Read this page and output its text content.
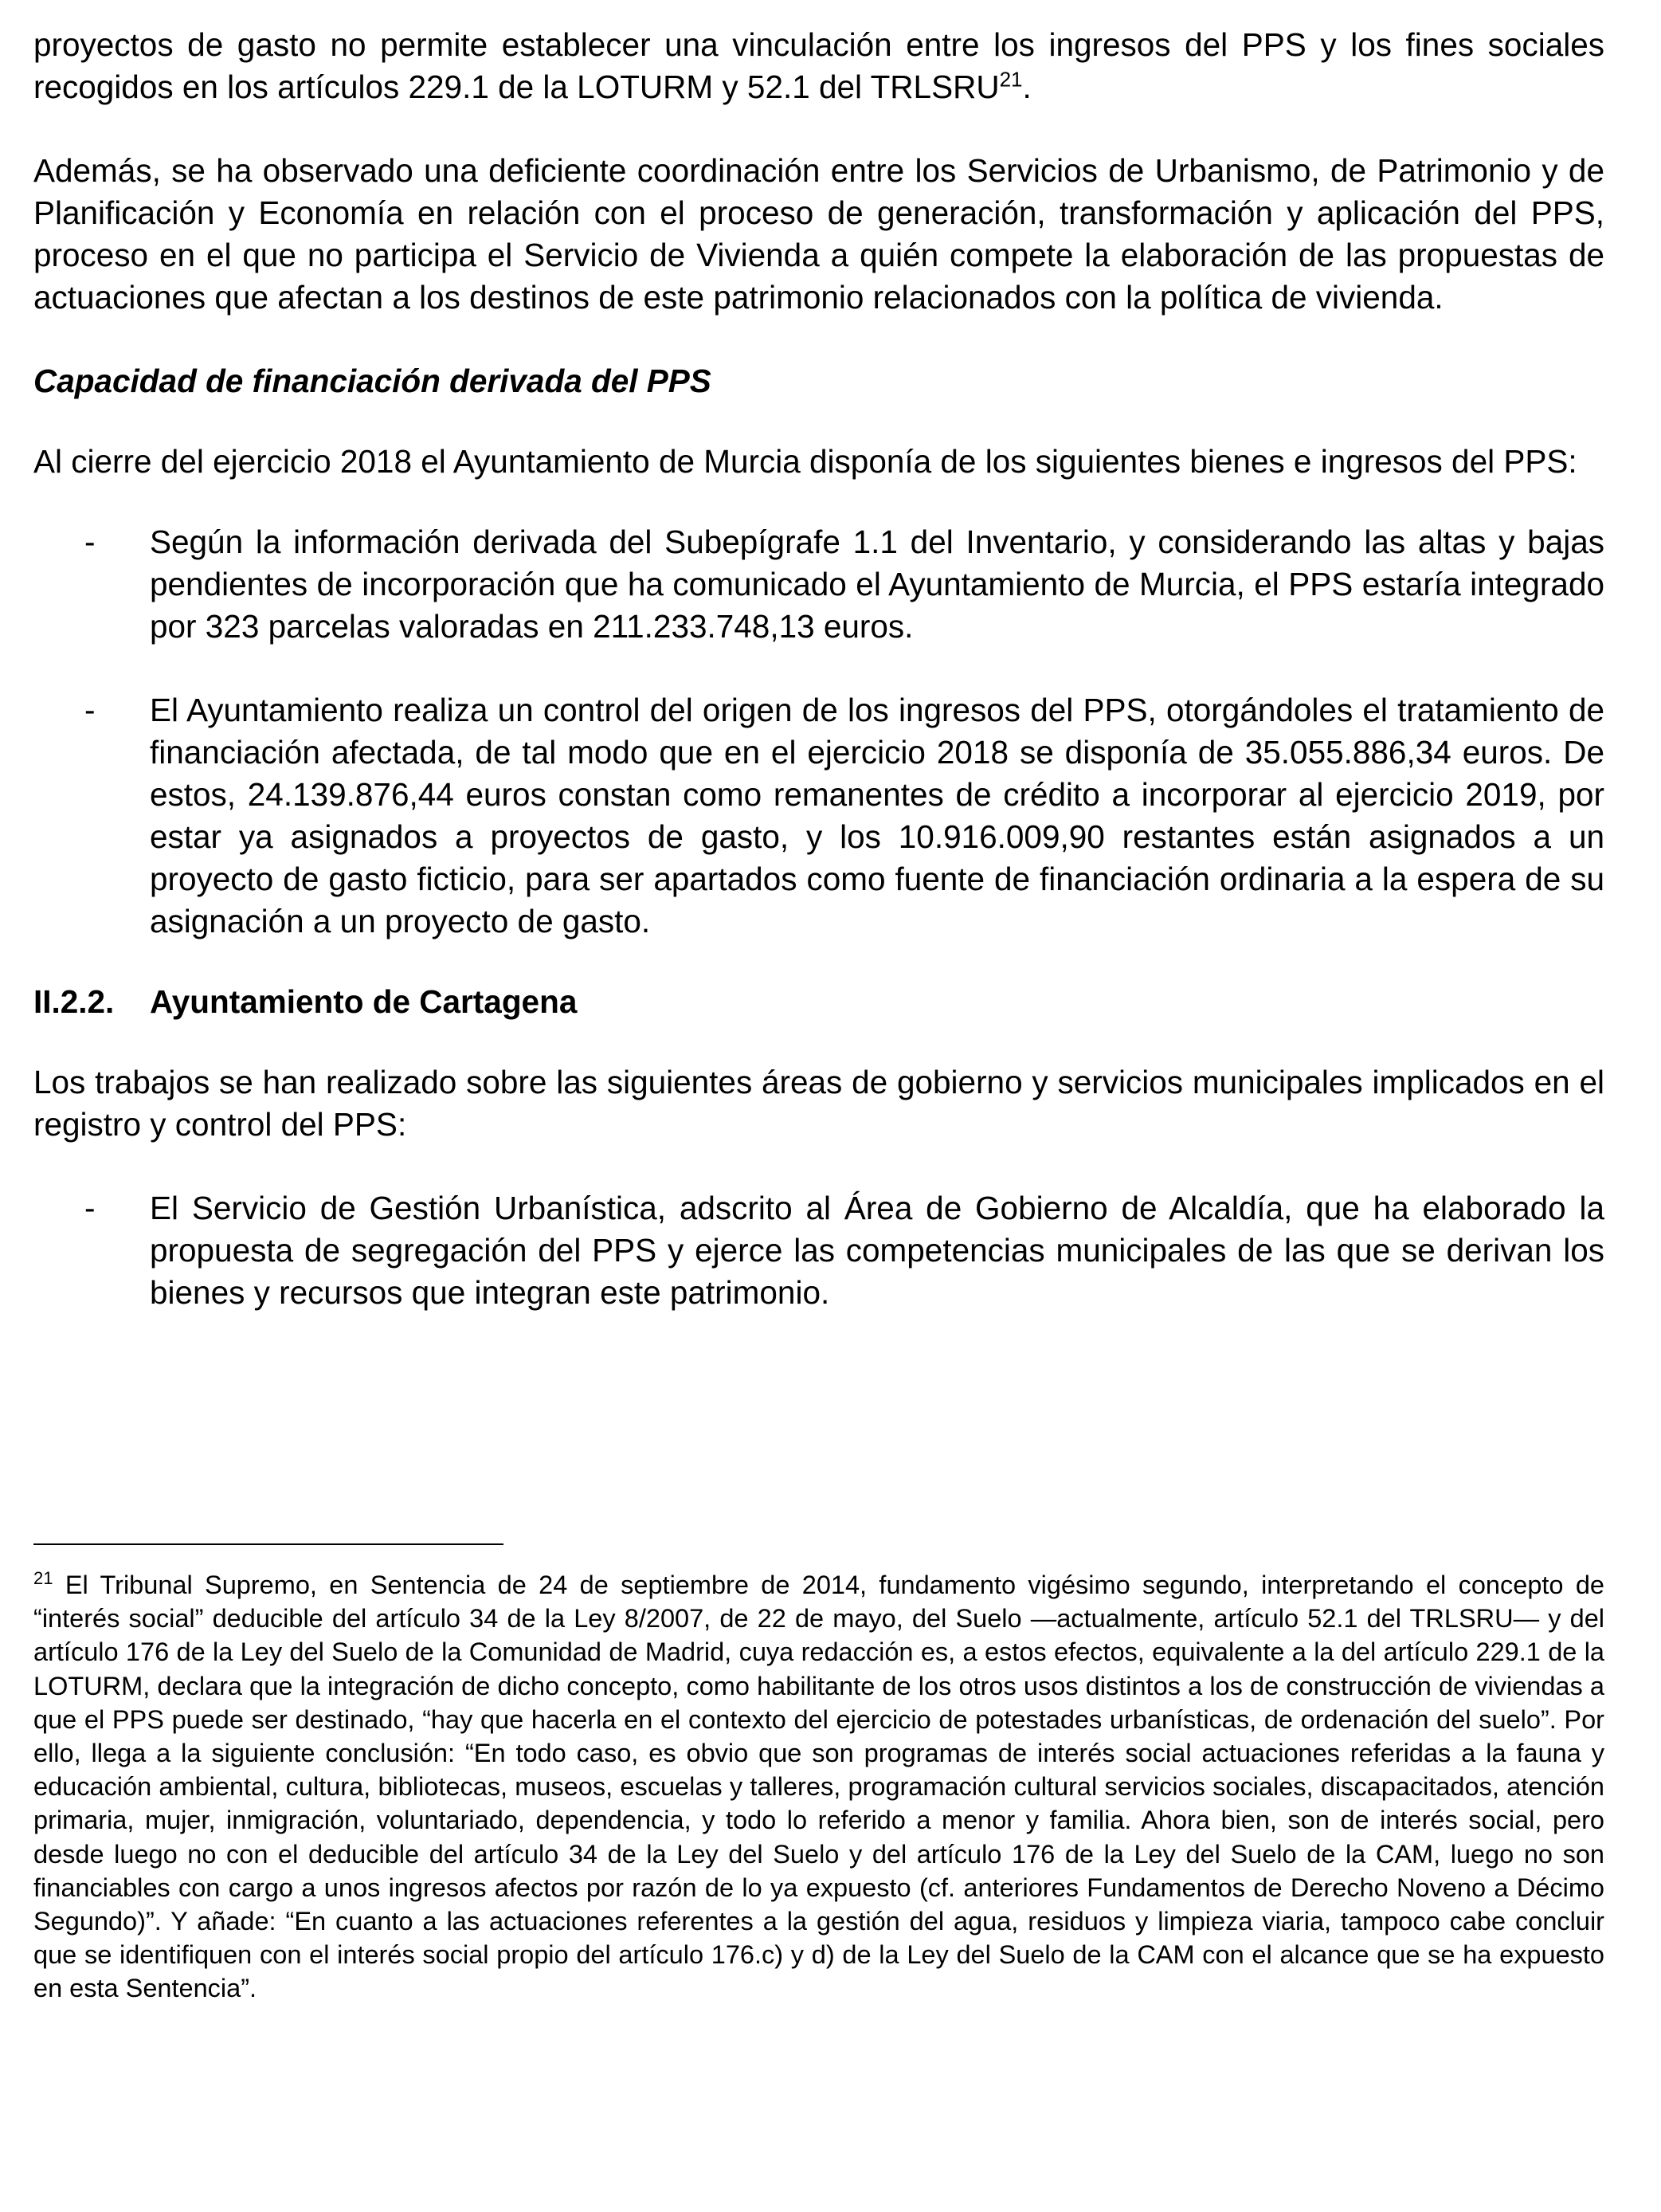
proyectos de gasto no permite establecer una vinculación entre los ingresos del PPS y los fines sociales recogidos en los artículos 229.1 de la LOTURM y 52.1 del TRLSRU$^{21}$.

Además, se ha observado una deficiente coordinación entre los Servicios de Urbanismo, de Patrimonio y de Planificación y Economía en relación con el proceso de generación, transformación y aplicación del PPS, proceso en el que no participa el Servicio de Vivienda a quién compete la elaboración de las propuestas de actuaciones que afectan a los destinos de este patrimonio relacionados con la política de vivienda.

Capacidad de financiación derivada del PPS

Al cierre del ejercicio 2018 el Ayuntamiento de Murcia disponía de los siguientes bienes e ingresos del PPS:

- Según la información derivada del Subepígrafe 1.1 del Inventario, y considerando las altas y bajas pendientes de incorporación que ha comunicado el Ayuntamiento de Murcia, el PPS estaría integrado por 323 parcelas valoradas en 211.233.748,13 euros.
- El Ayuntamiento realiza un control del origen de los ingresos del PPS, otorgándoles el tratamiento de financiación afectada, de tal modo que en el ejercicio 2018 se disponía de 35.055.886,34 euros. De estos, 24.139.876,44 euros constan como remanentes de crédito a incorporar al ejercicio 2019, por estar ya asignados a proyectos de gasto, y los 10.916.009,90 restantes están asignados a un proyecto de gasto ficticio, para ser apartados como fuente de financiación ordinaria a la espera de su asignación a un proyecto de gasto.
II.2.2.	Ayuntamiento de Cartagena

Los trabajos se han realizado sobre las siguientes áreas de gobierno y servicios municipales implicados en el registro y control del PPS:

- El Servicio de Gestión Urbanística, adscrito al Área de Gobierno de Alcaldía, que ha elaborado la propuesta de segregación del PPS y ejerce las competencias municipales de las que se derivan los bienes y recursos que integran este patrimonio.

$^{21}$ El Tribunal Supremo, en Sentencia de 24 de septiembre de 2014, fundamento vigésimo segundo, interpretando el concepto de “interés social” deducible del artículo 34 de la Ley 8/2007, de 22 de mayo, del Suelo —actualmente, artículo 52.1 del TRLSRU— y del artículo 176 de la Ley del Suelo de la Comunidad de Madrid, cuya redacción es, a estos efectos, equivalente a la del artículo 229.1 de la LOTURM, declara que la integración de dicho concepto, como habilitante de los otros usos distintos a los de construcción de viviendas a que el PPS puede ser destinado, “hay que hacerla en el contexto del ejercicio de potestades urbanísticas, de ordenación del suelo”. Por ello, llega a la siguiente conclusión: “En todo caso, es obvio que son programas de interés social actuaciones referidas a la fauna y educación ambiental, cultura, bibliotecas, museos, escuelas y talleres, programación cultural servicios sociales, discapacitados, atención primaria, mujer, inmigración, voluntariado, dependencia, y todo lo referido a menor y familia. Ahora bien, son de interés social, pero desde luego no con el deducible del artículo 34 de la Ley del Suelo y del artículo 176 de la Ley del Suelo de la CAM, luego no son financiables con cargo a unos ingresos afectos por razón de lo ya expuesto (cf. anteriores Fundamentos de Derecho Noveno a Décimo Segundo)”. Y añade: “En cuanto a las actuaciones referentes a la gestión del agua, residuos y limpieza viaria, tampoco cabe concluir que se identifiquen con el interés social propio del artículo 176.c) y d) de la Ley del Suelo de la CAM con el alcance que se ha expuesto en esta Sentencia”.
